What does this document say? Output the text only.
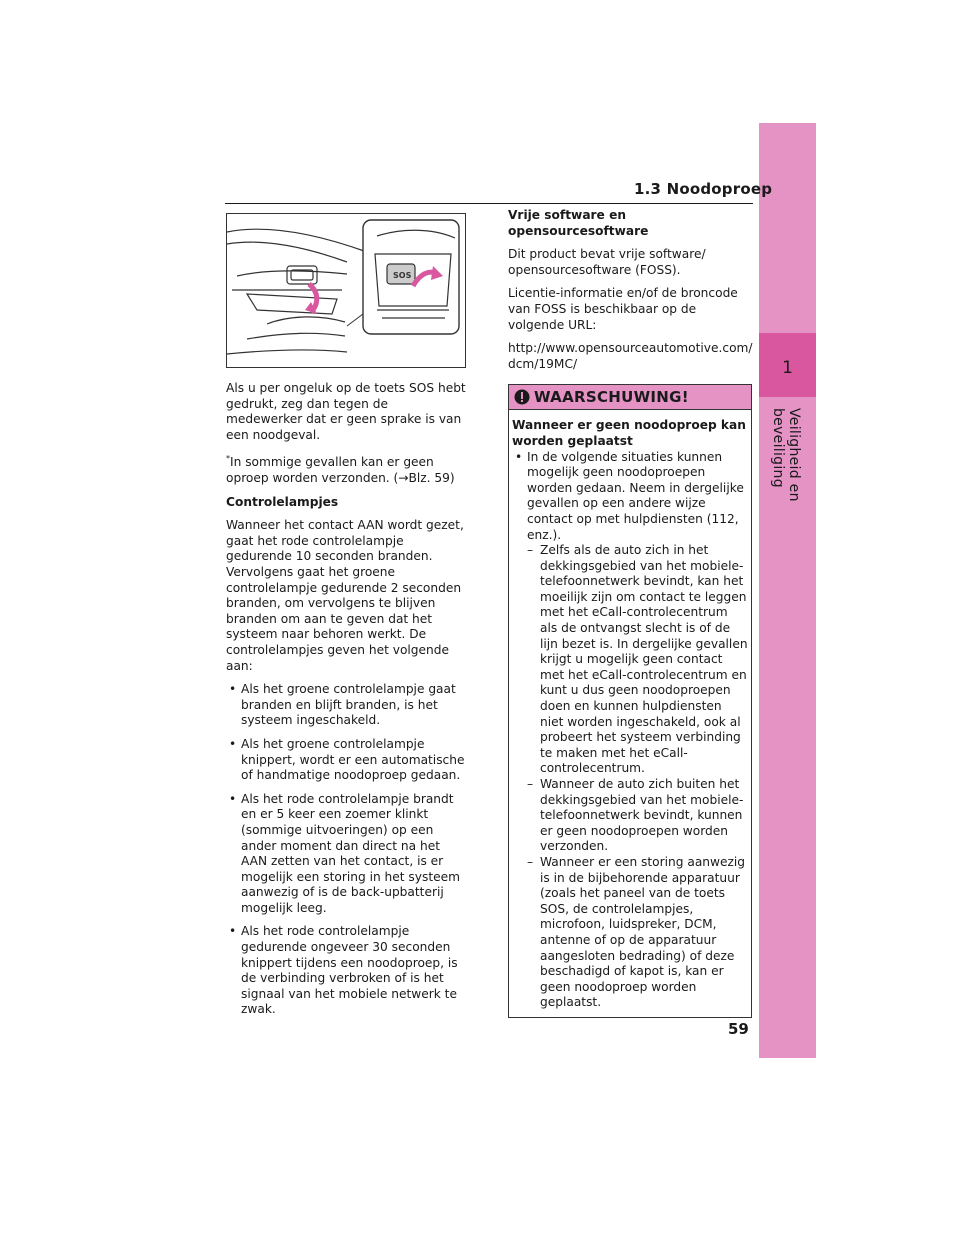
1
Veiligheid en beveiliging
1.3 Noodoproep
SOS
Als u per ongeluk op de toets SOS hebt gedrukt, zeg dan tegen de medewerker dat er geen sprake is van een noodgeval.
*In sommige gevallen kan er geen oproep worden verzonden. (→Blz. 59)
Controlelampjes
Wanneer het contact AAN wordt gezet, gaat het rode controlelampje gedurende 10 seconden branden. Vervolgens gaat het groene controlelampje gedurende 2 seconden branden, om vervolgens te blijven branden om aan te geven dat het systeem naar behoren werkt. De controlelampjes geven het volgende aan:
• Als het groene controlelampje gaat branden en blijft branden, is het systeem ingeschakeld.
• Als het groene controlelampje knippert, wordt er een automatische of handmatige noodoproep gedaan.
• Als het rode controlelampje brandt en er 5 keer een zoemer klinkt (sommige uitvoeringen) op een ander moment dan direct na het AAN zetten van het contact, is er mogelijk een storing in het systeem aanwezig of is de back-upbatterij mogelijk leeg.
• Als het rode controlelampje gedurende ongeveer 30 seconden knippert tijdens een noodoproep, is de verbinding verbroken of is het signaal van het mobiele netwerk te zwak.
Vrije software en opensourcesoftware
Dit product bevat vrije software/ opensourcesoftware (FOSS).
Licentie-informatie en/of de broncode van FOSS is beschikbaar op de volgende URL:
http://www.opensourceautomotive.com/ dcm/19MC/
WAARSCHUWING!
Wanneer er geen noodoproep kan worden geplaatst
• In de volgende situaties kunnen mogelijk geen noodoproepen worden gedaan. Neem in dergelijke gevallen op een andere wijze contact op met hulpdiensten (112, enz.).
– Zelfs als de auto zich in het dekkingsgebied van het mobiele-telefoonnetwerk bevindt, kan het moeilijk zijn om contact te leggen met het eCall-controlecentrum als de ontvangst slecht is of de lijn bezet is. In dergelijke gevallen krijgt u mogelijk geen contact met het eCall-controlecentrum en kunt u dus geen noodoproepen doen en kunnen hulpdiensten niet worden ingeschakeld, ook al probeert het systeem verbinding te maken met het eCall-controlecentrum.
– Wanneer de auto zich buiten het dekkingsgebied van het mobiele-telefoonnetwerk bevindt, kunnen er geen noodoproepen worden verzonden.
– Wanneer er een storing aanwezig is in de bijbehorende apparatuur (zoals het paneel van de toets SOS, de controlelampjes, microfoon, luidspreker, DCM, antenne of op de apparatuur aangesloten bedrading) of deze beschadigd of kapot is, kan er geen noodoproep worden geplaatst.
59
